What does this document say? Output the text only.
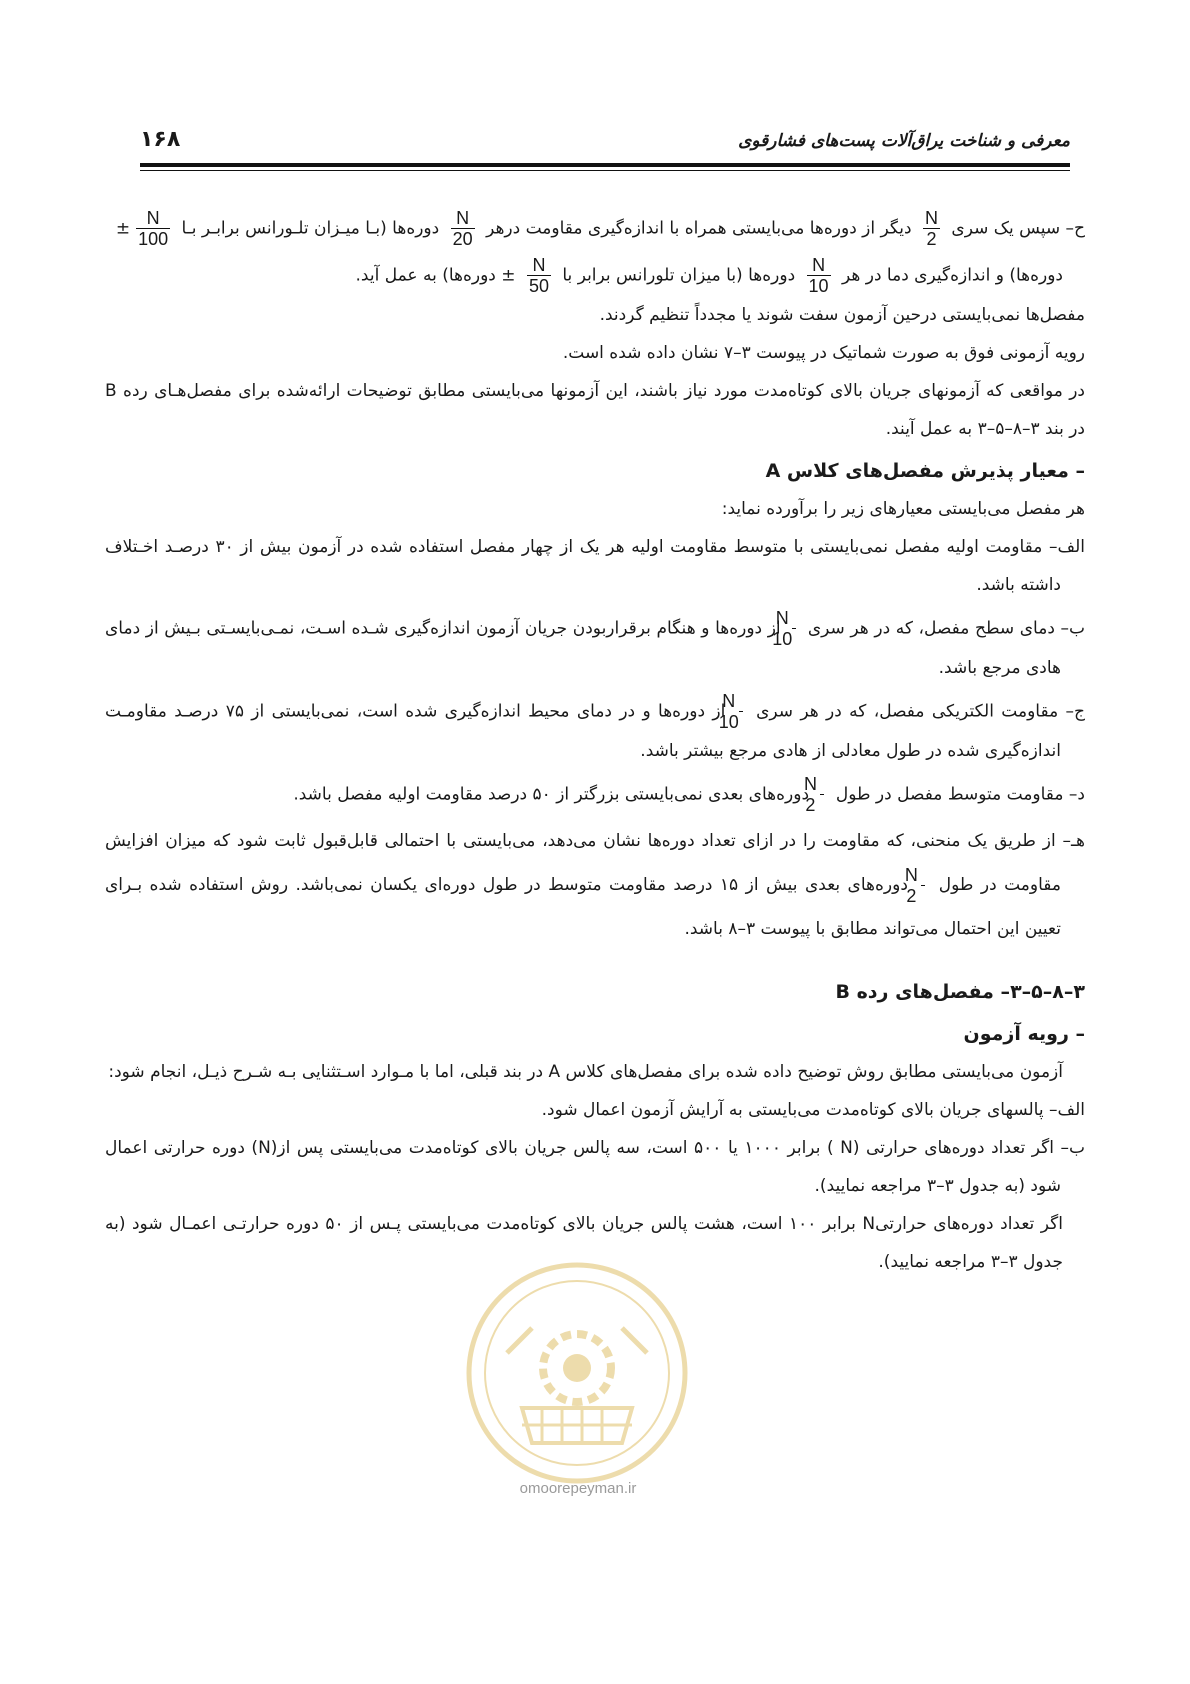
معرفی و شناخت یراق‌آلات پست‌های فشارقوی
۱۶۸

ح– سپس یک سری
$\frac{N}{2}$
دیگر از دوره‌ها می‌بایستی همراه با اندازه‌گیری مقاومت درهر
$\frac{N}{20}$
دوره‌ها (بـا میـزان تلـورانس برابـر بـا
$\frac{N}{100}$
±

دوره‌ها) و اندازه‌گیری دما در هر
$\frac{N}{10}$
دوره‌ها (با میزان تلورانس برابر با
$\frac{N}{50}$
± دوره‌ها) به عمل آید.

مفصل‌ها نمی‌بایستی درحین آزمون سفت شوند یا مجدداً تنظیم گردند.

رویه آزمونی فوق به صورت شماتیک در پیوست ۳–۷ نشان داده شده است.

در مواقعی که آزمونهای جریان بالای کوتاه‌مدت مورد نیاز باشند، این آزمونها می‌بایستی مطابق توضیحات ارائه‌شده برای مفصل‌هـای رده B در بند ۳–۸–۵–۳ به عمل آیند.

– معیار پذیرش مفصل‌های کلاس A

هر مفصل می‌بایستی معیارهای زیر را برآورده نماید:

الف– مقاومت اولیه مفصل نمی‌بایستی با متوسط مقاومت اولیه هر یک از چهار مفصل استفاده شده در آزمون بیش از ۳۰ درصـد اخـتلاف داشته باشد.

ب– دمای سطح مفصل، که در هر سری
$\frac{N}{10}$
از دوره‌ها و هنگام برقراربودن جریان آزمون اندازه‌گیری شـده اسـت، نمـی‌بایسـتی بـیش از دمای هادی مرجع باشد.

ج– مقاومت الکتریکی مفصل، که در هر سری
$\frac{N}{10}$
از دوره‌ها و در دمای محیط اندازه‌گیری شده است، نمی‌بایستی از ۷۵ درصـد مقاومـت اندازه‌گیری شده در طول معادلی از هادی مرجع بیشتر باشد.

د– مقاومت متوسط مفصل در طول
$\frac{N}{2}$
دوره‌های بعدی نمی‌بایستی بزرگتر از ۵۰ درصد مقاومت اولیه مفصل باشد.

هـ– از طریق یک منحنی، که مقاومت را در ازای تعداد دوره‌ها نشان می‌دهد، می‌بایستی با احتمالی قابل‌قبول ثابت شود که میزان افزایش مقاومت در طول
$\frac{N}{2}$
دوره‌های بعدی بیش از ۱۵ درصد مقاومت متوسط در طول دوره‌ای یکسان نمی‌باشد. روش استفاده شده بـرای تعیین این احتمال می‌تواند مطابق با پیوست ۳–۸ باشد.

۳–۸–۵–۳– مفصل‌های رده B

– رویه آزمون

آزمون می‌بایستی مطابق روش توضیح داده شده برای مفصل‌های کلاس A در بند قبلی، اما با مـوارد اسـتثنایی بـه شـرح ذیـل، انجام شود:

الف– پالسهای جریان بالای کوتاه‌مدت می‌بایستی به آرایش آزمون اعمال شود.

ب– اگر تعداد دوره‌های حرارتی (N ) برابر ۱۰۰۰ یا ۵۰۰ است، سه پالس جریان بالای کوتاه‌مدت می‌بایستی پس از(N) دوره حرارتی اعمال شود (به جدول ۳–۳ مراجعه نمایید).

اگر تعداد دوره‌های حرارتیN برابر ۱۰۰ است، هشت پالس جریان بالای کوتاه‌مدت می‌بایستی پـس از ۵۰ دوره حرارتـی اعمـال شود (به جدول ۳–۳ مراجعه نمایید).

omoorepeyman.ir
